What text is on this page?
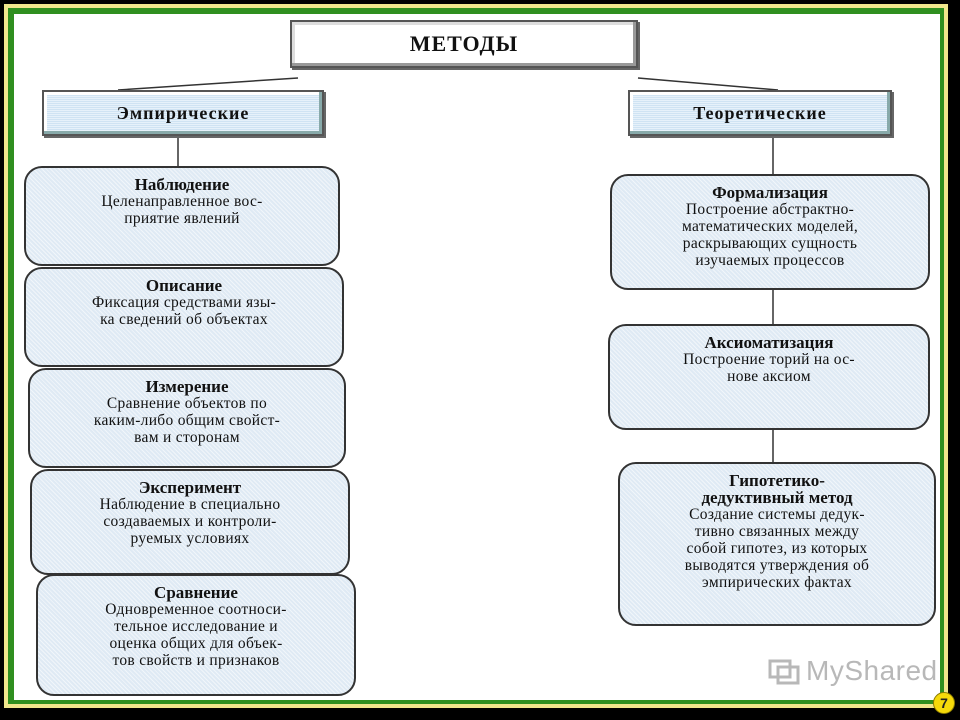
МЕТОДЫ
Эмпирические	Теоретические
Наблюдение
Целенаправленное вос-
приятие явлений
Описание
Фиксация средствами язы-
ка сведений об объектах
Измерение
Сравнение объектов по
каким-либо общим свойст-
вам и сторонам
Эксперимент
Наблюдение в специально
создаваемых и контроли-
руемых условиях
Сравнение
Одновременное соотноси-
тельное исследование и
оценка общих для объек-
тов свойств и признаков
Формализация
Построение абстрактно-
математических моделей,
раскрывающих сущность
изучаемых процессов
Аксиоматизация
Построение торий на ос-
нове аксиом
Гипотетико-
дедуктивный метод
Создание системы дедук-
тивно связанных между
собой гипотез, из которых
выводятся утверждения об
эмпирических фактах
MyShared
7
